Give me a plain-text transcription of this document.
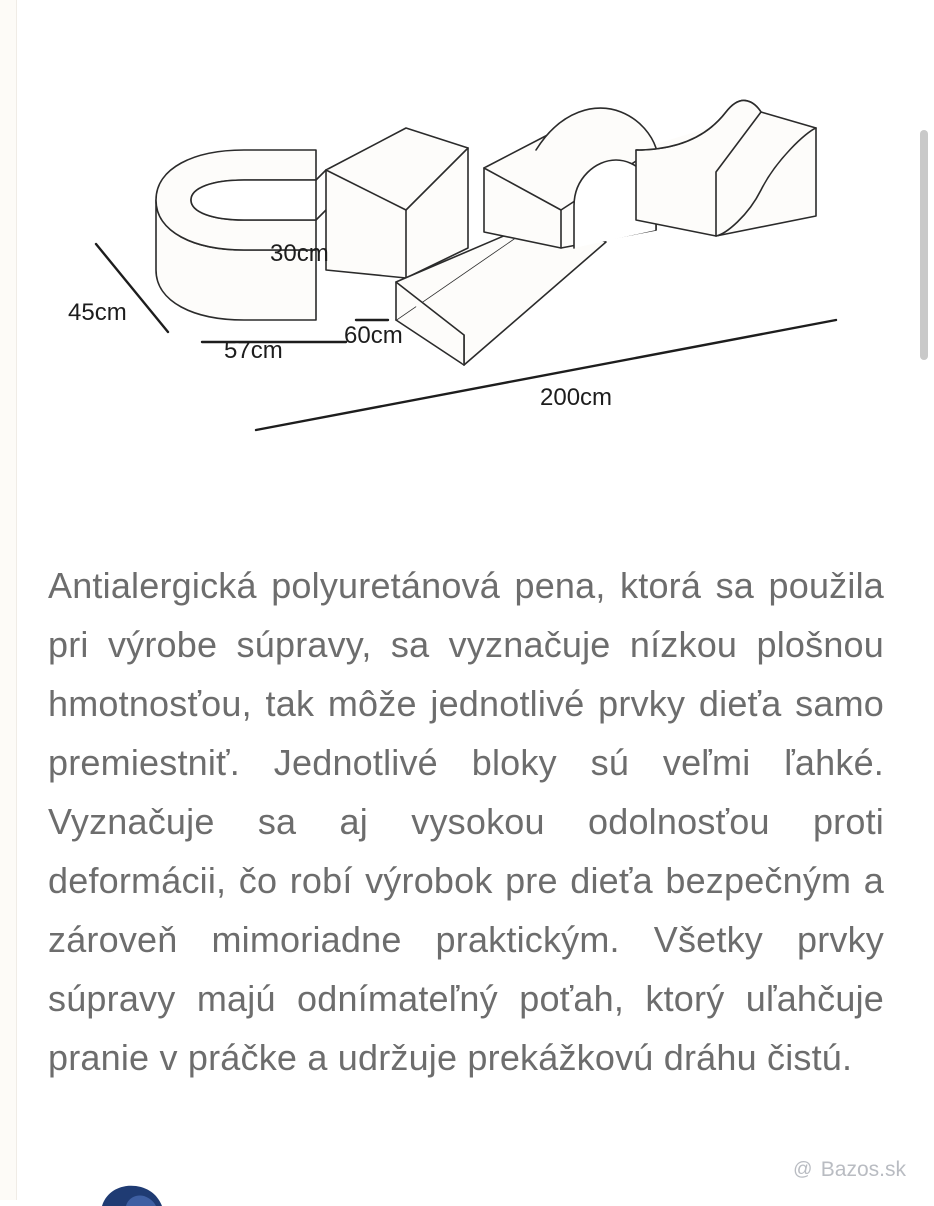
30cm
45cm
57cm
60cm
200cm
Antialergická polyuretánová pena, ktorá sa použila pri výrobe súpravy, sa vyznačuje nízkou plošnou hmotnosťou, tak môže jednotlivé prvky dieťa samo premiestniť. Jednotlivé bloky sú veľmi ľahké. Vyznačuje sa aj vysokou odolnosťou proti deformácii, čo robí výrobok pre dieťa bezpečným a zároveň mimoriadne praktickým. Všetky prvky súpravy majú odnímateľný poťah, ktorý uľahčuje pranie v práčke a udržuje prekážkovú dráhu čistú.
@ Bazos.sk
